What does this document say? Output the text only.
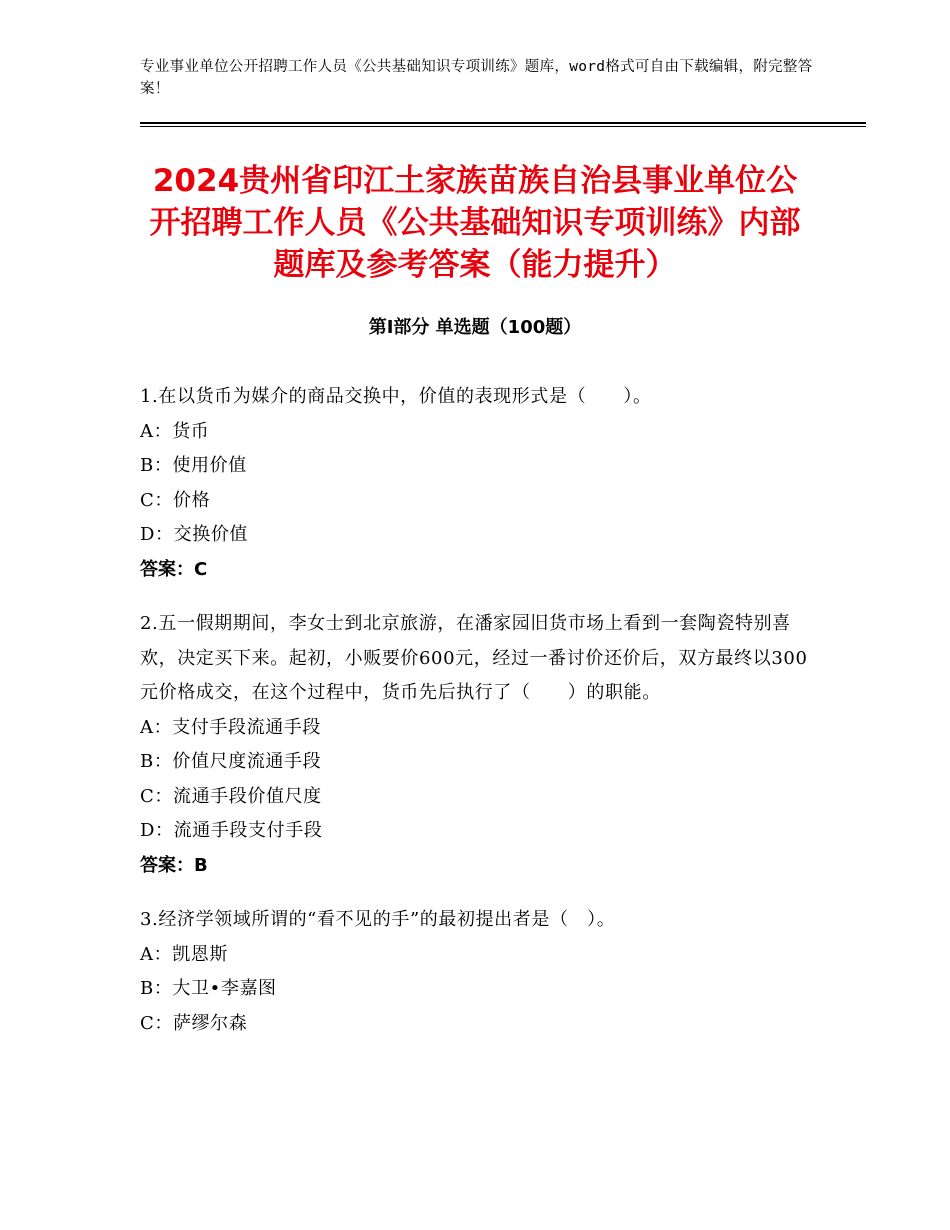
专业事业单位公开招聘工作人员《公共基础知识专项训练》题库，word格式可自由下载编辑，附完整答案！
2024贵州省印江土家族苗族自治县事业单位公开招聘工作人员《公共基础知识专项训练》内部题库及参考答案（能力提升）
第Ⅰ部分 单选题（100题）

1.在以货币为媒介的商品交换中，价值的表现形式是（　　）。

A：货币

B：使用价值

C：价格

D：交换价值

答案：C

2.五一假期期间，李女士到北京旅游，在潘家园旧货市场上看到一套陶瓷特别喜欢，决定买下来。起初，小贩要价600元，经过一番讨价还价后，双方最终以300元价格成交，在这个过程中，货币先后执行了（　　）的职能。

A：支付手段流通手段

B：价值尺度流通手段

C：流通手段价值尺度

D：流通手段支付手段

答案：B

3.经济学领域所谓的“看不见的手”的最初提出者是（　）。

A：凯恩斯

B：大卫•李嘉图

C：萨缪尔森
